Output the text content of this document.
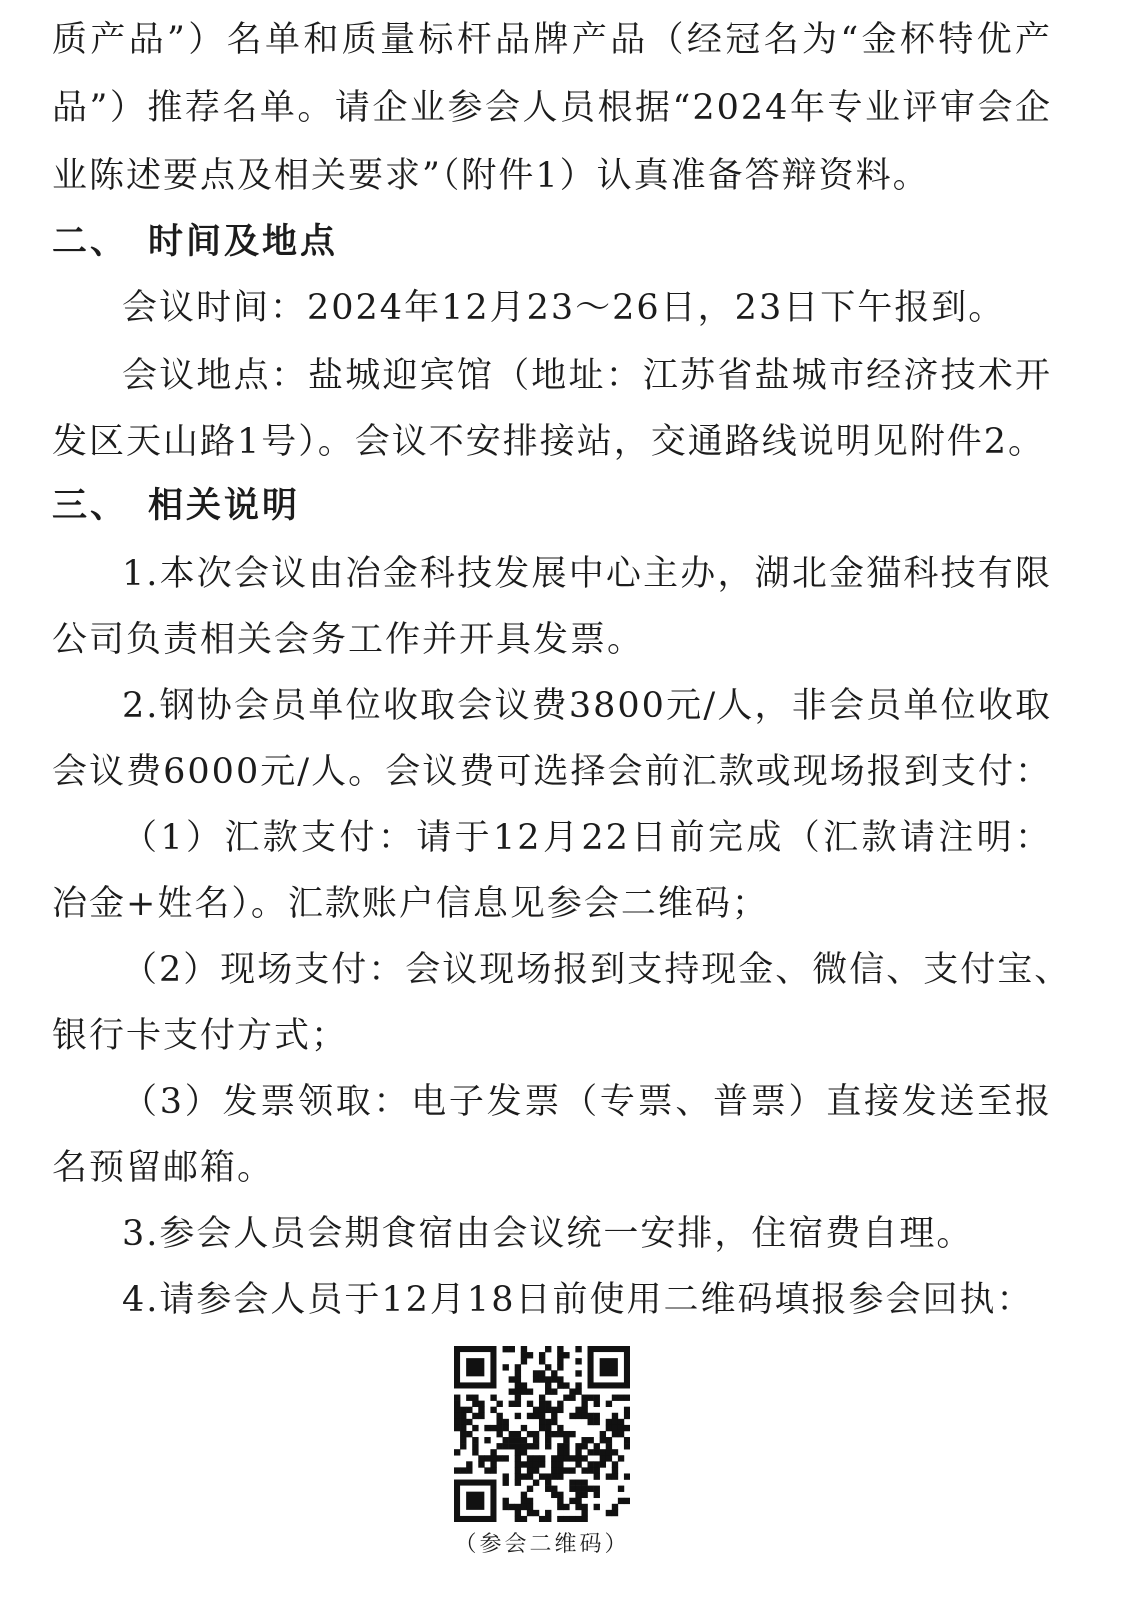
质产品”）名单和质量标杆品牌产品（经冠名为“金杯特优产
品”）推荐名单。请企业参会人员根据“2024年专业评审会企
业陈述要点及相关要求”（附件1）认真准备答辩资料。
二、 时间及地点
会议时间：2024年12月23～26日，23日下午报到。
会议地点：盐城迎宾馆（地址：江苏省盐城市经济技术开
发区天山路1号）。会议不安排接站，交通路线说明见附件2。
三、 相关说明
1.本次会议由冶金科技发展中心主办，湖北金猫科技有限
公司负责相关会务工作并开具发票。
2.钢协会员单位收取会议费3800元/人，非会员单位收取
会议费6000元/人。会议费可选择会前汇款或现场报到支付：
（1）汇款支付：请于12月22日前完成（汇款请注明：
冶金+姓名）。汇款账户信息见参会二维码；
（2）现场支付：会议现场报到支持现金、微信、支付宝、
银行卡支付方式；
（3）发票领取：电子发票（专票、普票）直接发送至报
名预留邮箱。
3.参会人员会期食宿由会议统一安排，住宿费自理。
4.请参会人员于12月18日前使用二维码填报参会回执：
（参会二维码）
